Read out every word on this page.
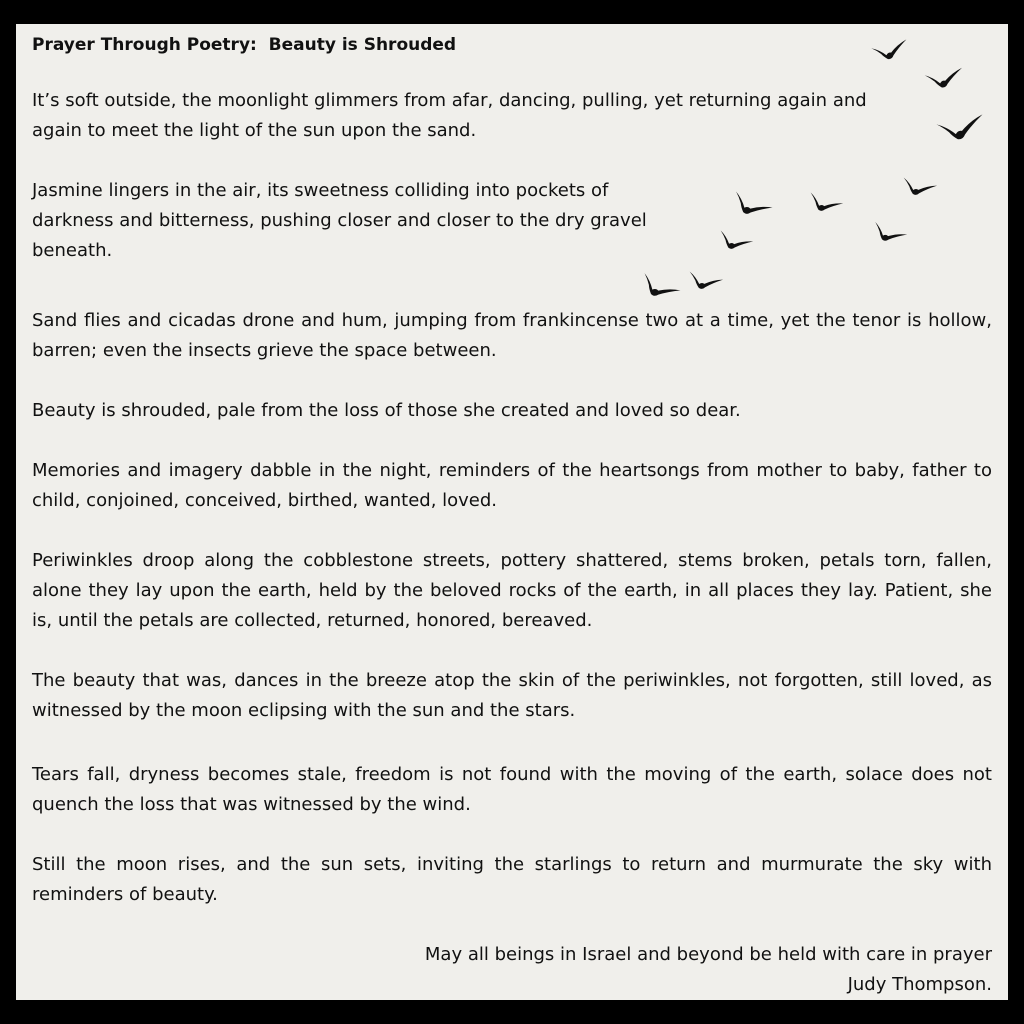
Prayer Through Poetry:  Beauty is Shrouded

It’s soft outside, the moonlight glimmers from afar, dancing, pulling, yet returning again and again to meet the light of the sun upon the sand.

Jasmine lingers in the air, its sweetness colliding into pockets of darkness and bitterness, pushing closer and closer to the dry gravel beneath.

Sand flies and cicadas drone and hum, jumping from frankincense two at a time, yet the tenor is hollow, barren; even the insects grieve the space between.

Beauty is shrouded, pale from the loss of those she created and loved so dear.

Memories and imagery dabble in the night, reminders of the heartsongs from mother to baby, father to child, conjoined, conceived, birthed, wanted, loved.

Periwinkles droop along the cobblestone streets, pottery shattered, stems broken, petals torn, fallen, alone they lay upon the earth, held by the beloved rocks of the earth, in all places they lay. Patient, she is, until the petals are collected, returned, honored, bereaved.

The beauty that was, dances in the breeze atop the skin of the periwinkles, not forgotten, still loved, as witnessed by the moon eclipsing with the sun and the stars.

Tears fall, dryness becomes stale, freedom is not found with the moving of the earth, solace does not quench the loss that was witnessed by the wind.

Still the moon rises, and the sun sets, inviting the starlings to return and murmurate the sky with reminders of beauty.

May all beings in Israel and beyond be held with care in prayer

Judy Thompson.
